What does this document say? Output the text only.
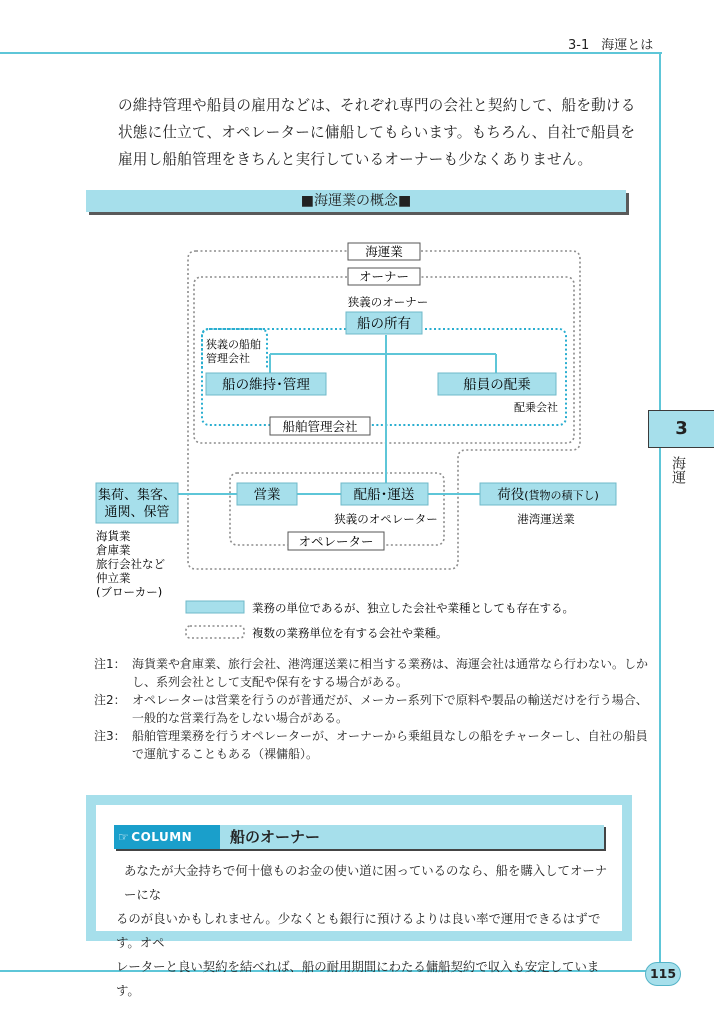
3-1 海運とは
3
海運

の維持管理や船員の雇用などは、それぞれ専門の会社と契約して、船を動ける

状態に仕立て、オペレーターに傭船してもらいます。もちろん、自社で船員を

雇用し船舶管理をきちんと実行しているオーナーも少なくありません。

■海運業の概念■
海運業
オーナー
狭義のオーナー
船の所有
狭義の船舶
管理会社
船の維持･管理	船員の配乗
配乗会社
船舶管理会社
集荷、集客、通関、保管
営業	配船･運送
狭義のオペレーター
荷役(貨物の積下し)
港湾運送業
オペレーター
海貨業
倉庫業
旅行会社など
仲立業
(ブローカー)
業務の単位であるが、独立した会社や業種としても存在する。
複数の業務単位を有する会社や業種。
注1： 海貨業や倉庫業、旅行会社、港湾運送業に相当する業務は、海運会社は通常なら行わない。しか
し、系列会社として支配や保有をする場合がある。
注2： オペレーターは営業を行うのが普通だが、メーカー系列下で原料や製品の輸送だけを行う場合、
一般的な営業行為をしない場合がある。
注3： 船舶管理業務を行うオペレーターが、オーナーから乗組員なしの船をチャーターし、自社の船員
で運航することもある（裸傭船）。
☞ COLUMN	船のオーナー
あなたが大金持ちで何十億ものお金の使い道に困っているのなら、船を購入してオーナーにな
るのが良いかもしれません。少なくとも銀行に預けるよりは良い率で運用できるはずです。オペ
レーターと良い契約を結べれば、船の耐用期間にわたる傭船契約で収入も安定しています。
115
